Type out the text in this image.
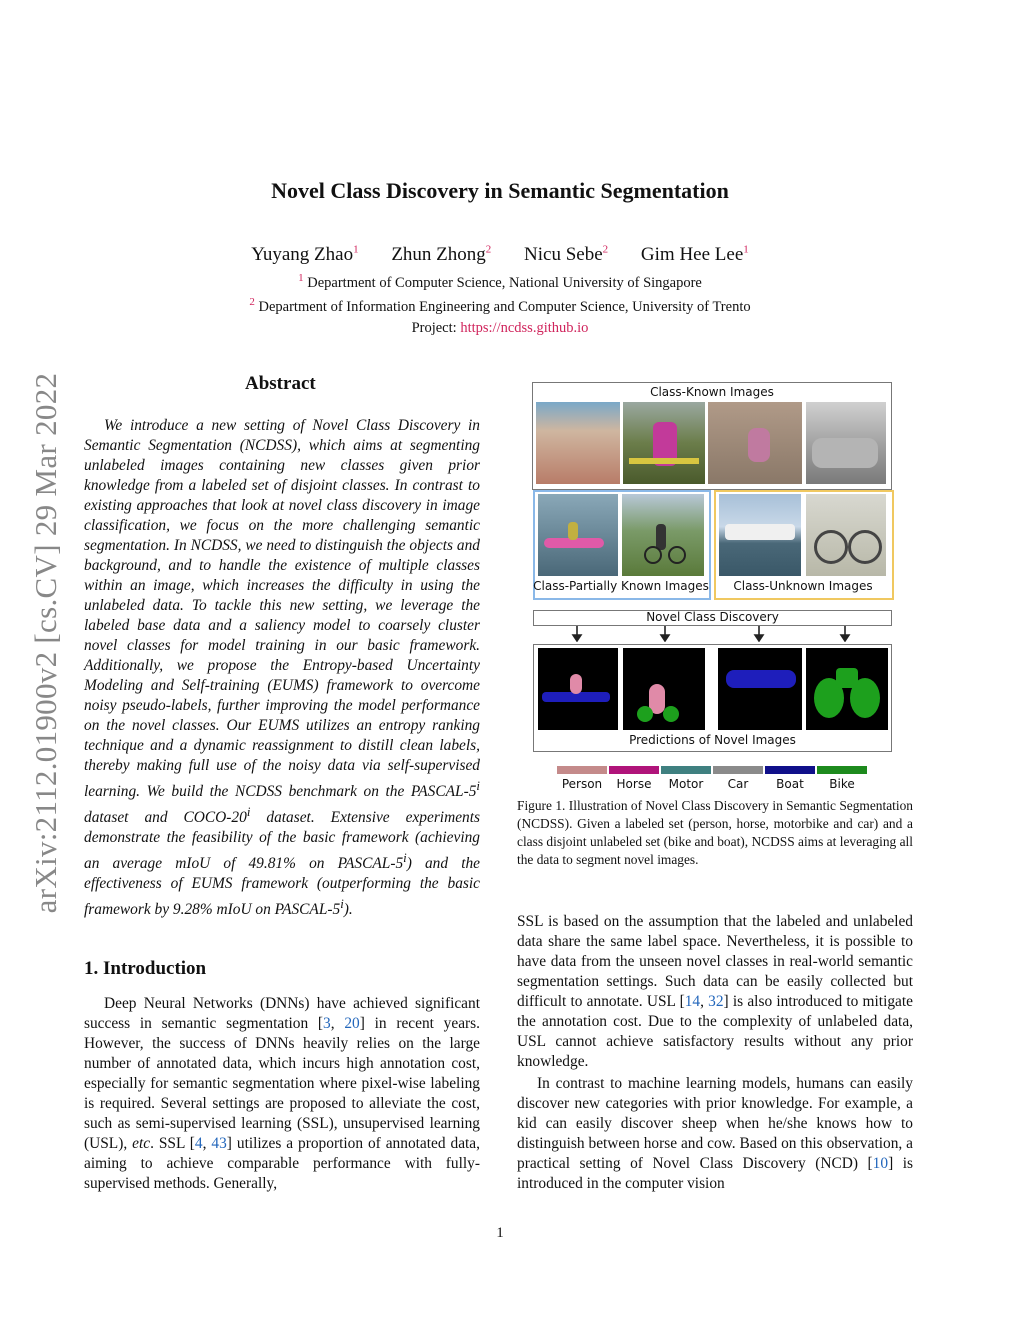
Novel Class Discovery in Semantic Segmentation
Yuyang Zhao$^1$ Zhun Zhong$^2$ Nicu Sebe$^2$ Gim Hee Lee$^1$
$^1$ Department of Computer Science, National University of Singapore
$^2$ Department of Information Engineering and Computer Science, University of Trento
Project: https://ncdss.github.io
arXiv:2112.01900v2 [cs.CV] 29 Mar 2022	Abstract
We introduce a new setting of Novel Class Discovery in Semantic Segmentation (NCDSS), which aims at segmenting unlabeled images containing new classes given prior knowledge from a labeled set of disjoint classes. In contrast to existing approaches that look at novel class discovery in image classification, we focus on the more challenging semantic segmentation. In NCDSS, we need to distinguish the objects and background, and to handle the existence of multiple classes within an image, which increases the difficulty in using the unlabeled data. To tackle this new setting, we leverage the labeled base data and a saliency model to coarsely cluster novel classes for model training in our basic framework. Additionally, we propose the Entropy-based Uncertainty Modeling and Self-training (EUMS) framework to overcome noisy pseudo-labels, further improving the model performance on the novel classes. Our EUMS utilizes an entropy ranking technique and a dynamic reassignment to distill clean labels, thereby making full use of the noisy data via self-supervised learning. We build the NCDSS benchmark on the PASCAL-5$^i$ dataset and COCO-20$^i$ dataset. Extensive experiments demonstrate the feasibility of the basic framework (achieving an average mIoU of 49.81% on PASCAL-5$^i$) and the effectiveness of EUMS framework (outperforming the basic framework by 9.28% mIoU on PASCAL-5$^i$).
1. Introduction
Deep Neural Networks (DNNs) have achieved significant success in semantic segmentation [3, 20] in recent years. However, the success of DNNs heavily relies on the large number of annotated data, which incurs high annotation cost, especially for semantic segmentation where pixel-wise labeling is required. Several settings are proposed to alleviate the cost, such as semi-supervised learning (SSL), unsupervised learning (USL), etc. SSL [4, 43] utilizes a proportion of annotated data, aiming to achieve comparable performance with fully-supervised methods. Generally,
Class-Known Images
Class-Partially Known Images	Class-Unknown Images
Novel Class Discovery
Predictions of Novel Images
Person	Horse	Motor	Car	Boat	Bike
Figure 1. Illustration of Novel Class Discovery in Semantic Segmentation (NCDSS). Given a labeled set (person, horse, motorbike and car) and a class disjoint unlabeled set (bike and boat), NCDSS aims at leveraging all the data to segment novel images.
SSL is based on the assumption that the labeled and unlabeled data share the same label space. Nevertheless, it is possible to have data from the unseen novel classes in real-world semantic segmentation settings. Such data can be easily collected but difficult to annotate. USL [14, 32] is also introduced to mitigate the annotation cost. Due to the complexity of unlabeled data, USL cannot achieve satisfactory results without any prior knowledge.
In contrast to machine learning models, humans can easily discover new categories with prior knowledge. For example, a kid can easily discover sheep when he/she knows how to distinguish between horse and cow. Based on this observation, a practical setting of Novel Class Discovery (NCD) [10] is introduced in the computer vision
1
